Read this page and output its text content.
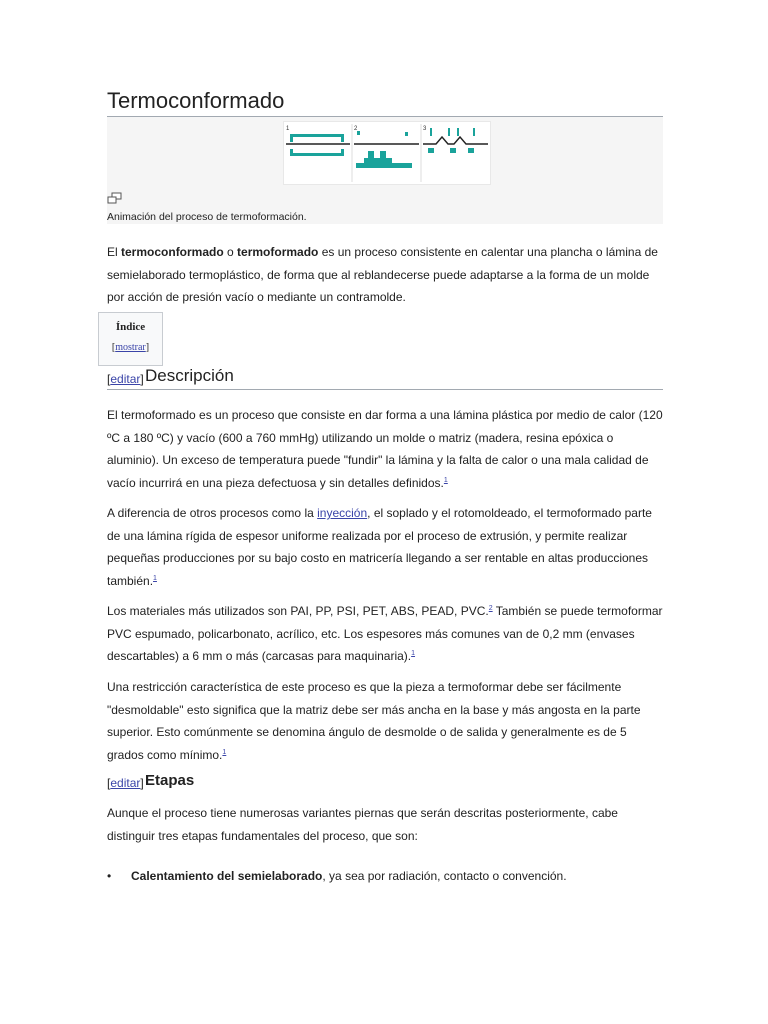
Termoconformado
1	2	3
Animación del proceso de termoformación.

El termoconformado o termoformado es un proceso consistente en calentar una plancha o lámina de semielaborado termoplástico, de forma que al reblandecerse puede adaptarse a la forma de un molde por acción de presión vacío o mediante un contramolde.

Índice
[mostrar]
[editar] Descripción

El termoformado es un proceso que consiste en dar forma a una lámina plástica por medio de calor (120 ºC a 180 ºC) y vacío (600 a 760 mmHg) utilizando un molde o matriz (madera, resina epóxica o aluminio). Un exceso de temperatura puede "fundir" la lámina y la falta de calor o una mala calidad de vacío incurrirá en una pieza defectuosa y sin detalles definidos.$^1$

A diferencia de otros procesos como la inyección, el soplado y el rotomoldeado, el termoformado parte de una lámina rígida de espesor uniforme realizada por el proceso de extrusión, y permite realizar pequeñas producciones por su bajo costo en matricería llegando a ser rentable en altas producciones también.$^1$

Los materiales más utilizados son PAI, PP, PSI, PET, ABS, PEAD, PVC.$^2$ También se puede termoformar PVC espumado, policarbonato, acrílico, etc. Los espesores más comunes van de 0,2 mm (envases descartables) a 6 mm o más (carcasas para maquinaria).$^1$

Una restricción característica de este proceso es que la pieza a termoformar debe ser fácilmente "desmoldable" esto significa que la matriz debe ser más ancha en la base y más angosta en la parte superior. Esto comúnmente se denomina ángulo de desmolde o de salida y generalmente es de 5 grados como mínimo.$^1$

[editar] Etapas

Aunque el proceso tiene numerosas variantes piernas que serán descritas posteriormente, cabe distinguir tres etapas fundamentales del proceso, que son:

• Calentamiento del semielaborado, ya sea por radiación, contacto o convención.
